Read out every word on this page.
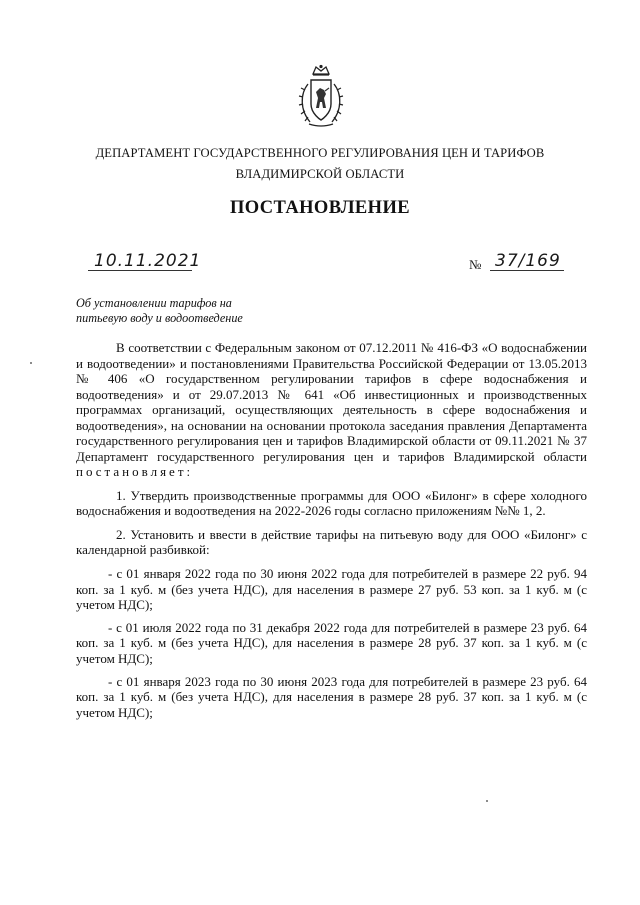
ДЕПАРТАМЕНТ ГОСУДАРСТВЕННОГО РЕГУЛИРОВАНИЯ ЦЕН И ТАРИФОВ
ВЛАДИМИРСКОЙ ОБЛАСТИ
ПОСТАНОВЛЕНИЕ
10.11.2021	№ 37/169
Об установлении тарифов на
питьевую воду и водоотведение

В соответствии с Федеральным законом от 07.12.2011 № 416-ФЗ «О водоснабжении и водоотведении» и постановлениями Правительства Российской Федерации от 13.05.2013 № 406 «О государственном регулировании тарифов в сфере водоснабжения и водоотведения» и от 29.07.2013 № 641 «Об инвестиционных и производственных программах организаций, осуществляющих деятельность в сфере водоснабжения и водоотведения», на основании на основании протокола заседания правления Департамента государственного регулирования цен и тарифов Владимирской области от 09.11.2021 № 37 Департамент государственного регулирования цен и тарифов Владимирской области постановляет:

1. Утвердить производственные программы для ООО «Билонг» в сфере холодного водоснабжения и водоотведения на 2022-2026 годы согласно приложениям №№ 1, 2.

2. Установить и ввести в действие тарифы на питьевую воду для ООО «Билонг» с календарной разбивкой:

- с 01 января 2022 года по 30 июня 2022 года для потребителей в размере 22 руб. 94 коп. за 1 куб. м (без учета НДС), для населения в размере 27 руб. 53 коп. за 1 куб. м (с учетом НДС);

- с 01 июля 2022 года по 31 декабря 2022 года для потребителей в размере 23 руб. 64 коп. за 1 куб. м (без учета НДС), для населения в размере 28 руб. 37 коп. за 1 куб. м (с учетом НДС);

- с 01 января 2023 года по 30 июня 2023 года для потребителей в размере 23 руб. 64 коп. за 1 куб. м (без учета НДС), для населения в размере 28 руб. 37 коп. за 1 куб. м (с учетом НДС);
